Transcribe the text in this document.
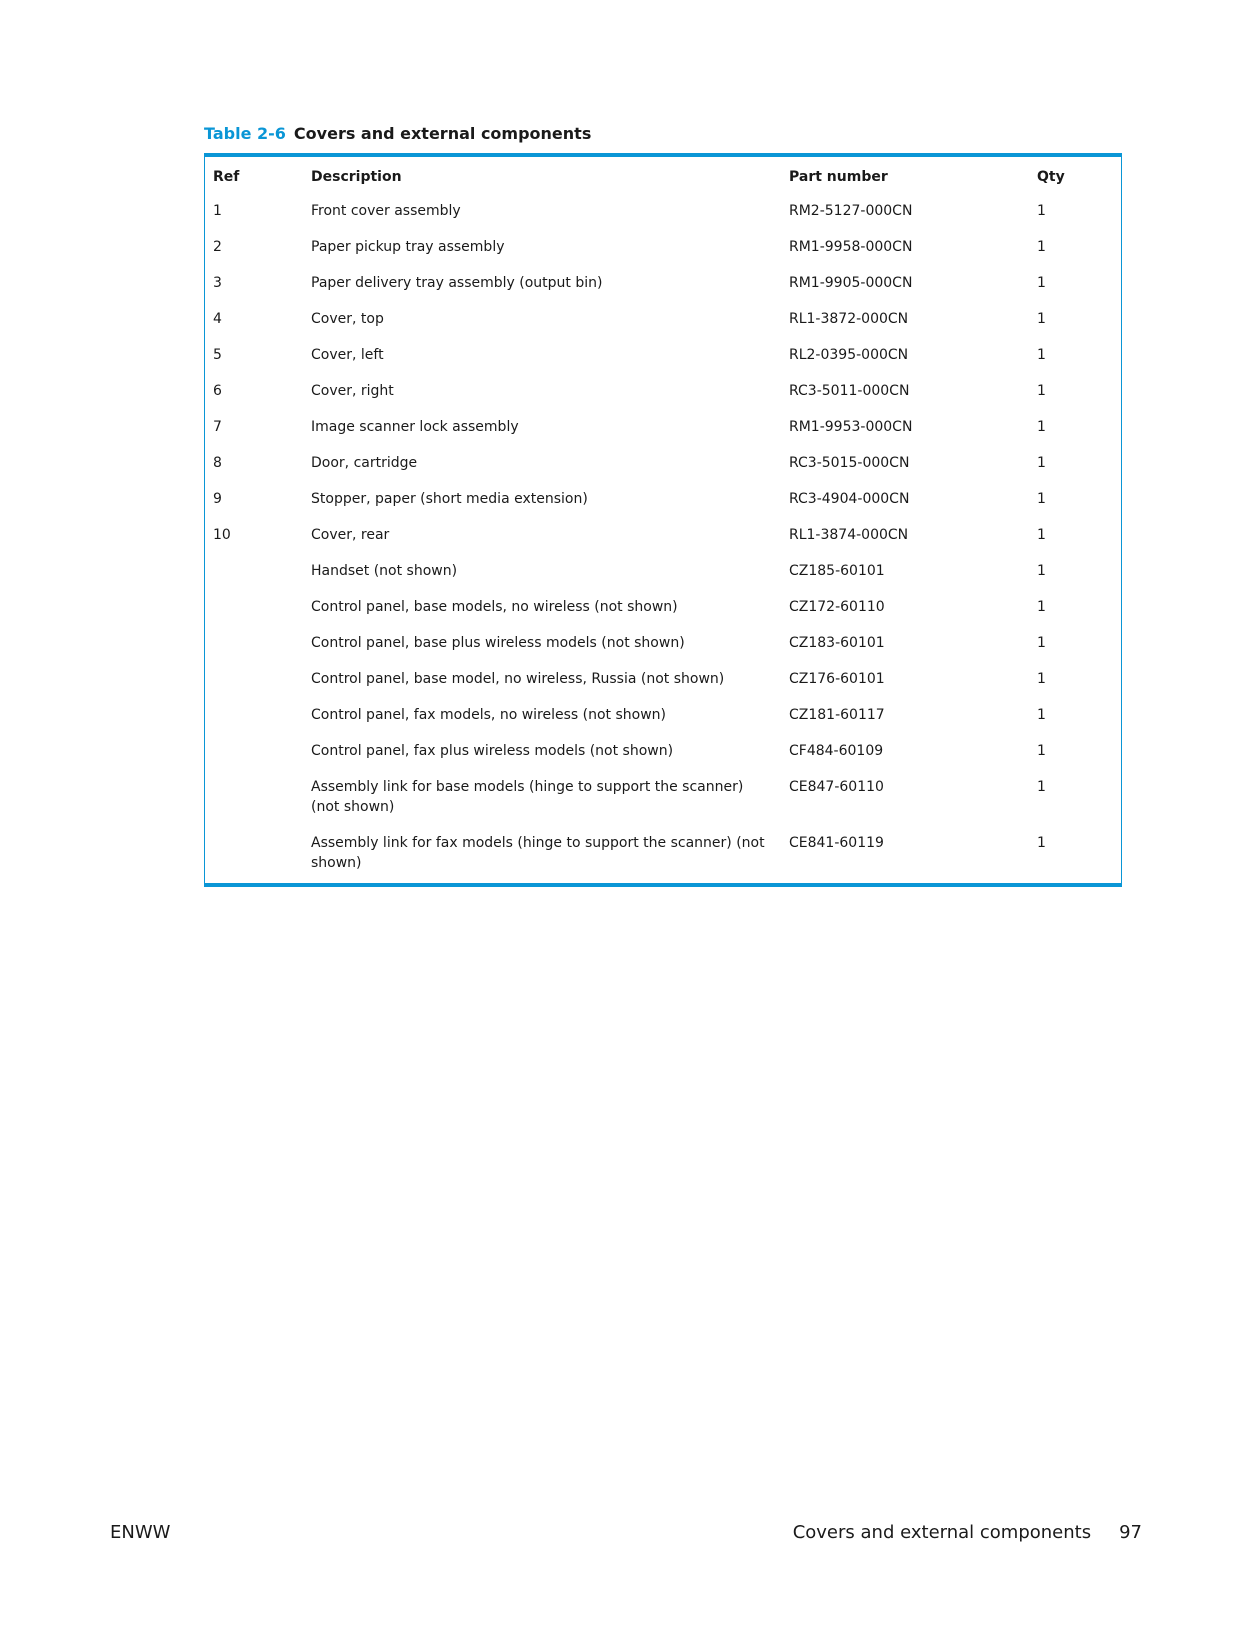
Table 2-6 Covers and external components
Ref	Description	Part number	Qty
1	Front cover assembly	RM2-5127-000CN	1
2	Paper pickup tray assembly	RM1-9958-000CN	1
3	Paper delivery tray assembly (output bin)	RM1-9905-000CN	1
4	Cover, top	RL1-3872-000CN	1
5	Cover, left	RL2-0395-000CN	1
6	Cover, right	RC3-5011-000CN	1
7	Image scanner lock assembly	RM1-9953-000CN	1
8	Door, cartridge	RC3-5015-000CN	1
9	Stopper, paper (short media extension)	RC3-4904-000CN	1
10	Cover, rear	RL1-3874-000CN	1
	Handset (not shown)	CZ185-60101	1
	Control panel, base models, no wireless (not shown)	CZ172-60110	1
	Control panel, base plus wireless models (not shown)	CZ183-60101	1
	Control panel, base model, no wireless, Russia (not shown)	CZ176-60101	1
	Control panel, fax models, no wireless (not shown)	CZ181-60117	1
	Control panel, fax plus wireless models (not shown)	CF484-60109	1
	Assembly link for base models (hinge to support the scanner) (not shown)	CE847-60110	1
	Assembly link for fax models (hinge to support the scanner) (not shown)	CE841-60119	1
ENWW	Covers and external components 97
